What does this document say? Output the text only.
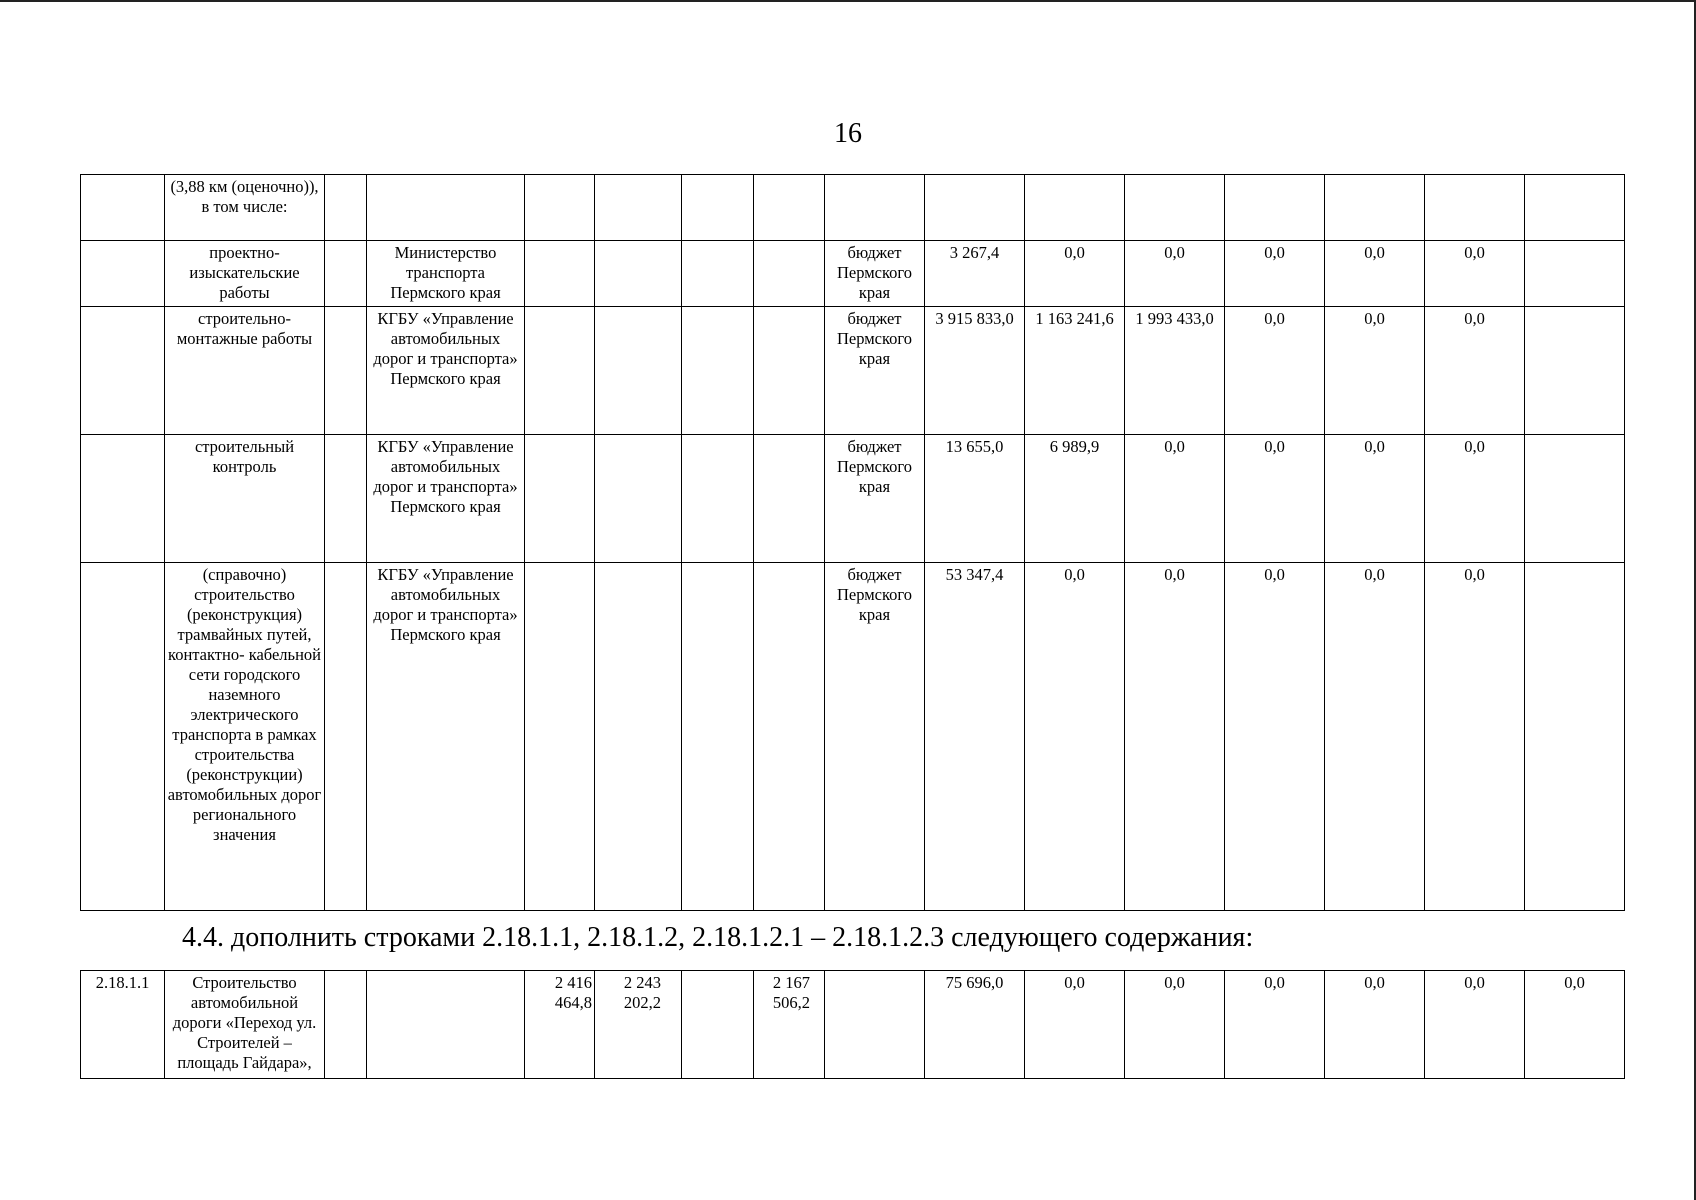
16
	(3,88 км (оценочно)), в том числе:														
	проектно- изыскательские работы		Министерство транспорта Пермского края					бюджет Пермского края	3 267,4	0,0	0,0	0,0	0,0	0,0	
	строительно- монтажные работы		КГБУ «Управление автомобильных дорог и транспорта» Пермского края					бюджет Пермского края	3 915 833,0	1 163 241,6	1 993 433,0	0,0	0,0	0,0	
	строительный контроль		КГБУ «Управление автомобильных дорог и транспорта» Пермского края					бюджет Пермского края	13 655,0	6 989,9	0,0	0,0	0,0	0,0	
	(справочно) строительство (реконструкция) трамвайных путей, контактно- кабельной сети городского наземного электрического транспорта в рамках строительства (реконструкции) автомобильных дорог регионального значения		КГБУ «Управление автомобильных дорог и транспорта» Пермского края					бюджет Пермского края	53 347,4	0,0	0,0	0,0	0,0	0,0	
4.4. дополнить строками 2.18.1.1, 2.18.1.2, 2.18.1.2.1 – 2.18.1.2.3 следующего содержания:
2.18.1.1	Строительство автомобильной дороги «Переход ул. Строителей – площадь Гайдара»,			2 416 464,8	2 243 202,2		2 167 506,2		75 696,0	0,0	0,0	0,0	0,0	0,0	0,0
